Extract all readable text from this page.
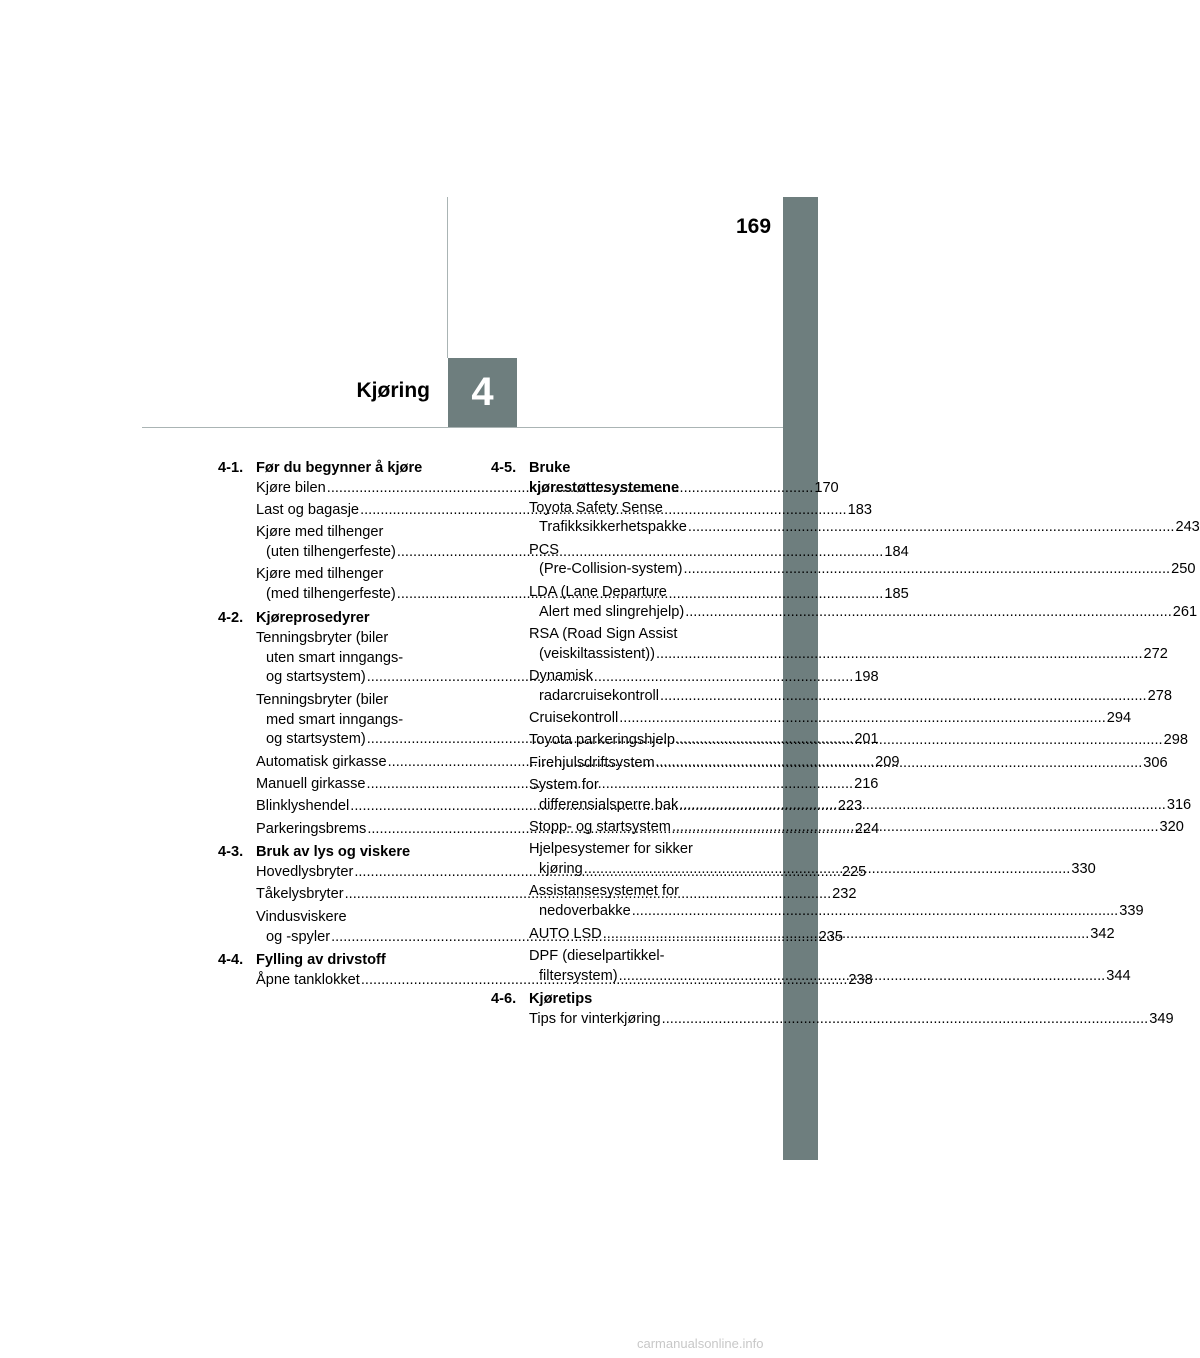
169
Kjøring 4
4-1. Før du begynner å kjøre
Kjøre bilen .....	170
Last og bagasje .....	183
Kjøre med tilhenger
(uten tilhengerfeste) .....	184
Kjøre med tilhenger
(med tilhengerfeste) .....	185
4-2. Kjøreprosedyrer
Tenningsbryter (biler
uten smart inngangs-
og startsystem) .....	198
Tenningsbryter (biler
med smart inngangs-
og startsystem) .....	201
Automatisk girkasse .....	209
Manuell girkasse .....	216
Blinklyshendel .....	223
Parkeringsbrems .....	224
4-3. Bruk av lys og viskere
Hovedlysbryter .....	225
Tåkelysbryter .....	232
Vindusviskere
og -spyler .....	235
4-4. Fylling av drivstoff
Åpne tanklokket .....	238
4-5. Bruke
kjørestøttesystemene
Toyota Safety Sense
Trafikksikkerhetspakke .....	243
PCS
(Pre-Collision-system) .....	250
LDA (Lane Departure
Alert med slingrehjelp) .....	261
RSA (Road Sign Assist
(veiskiltassistent)) .....	272
Dynamisk
radarcruisekontroll .....	278
Cruisekontroll .....	294
Toyota parkeringshjelp .....	298
Firehjulsdriftsystem .....	306
System for
differensialsperre bak .....	316
Stopp- og startsystem .....	320
Hjelpesystemer for sikker
kjøring .....	330
Assistansesystemet for
nedoverbakke .....	339
AUTO LSD .....	342
DPF (dieselpartikkel-
filtersystem) .....	344
4-6. Kjøretips
Tips for vinterkjøring .....	349
carmanualsonline.info
